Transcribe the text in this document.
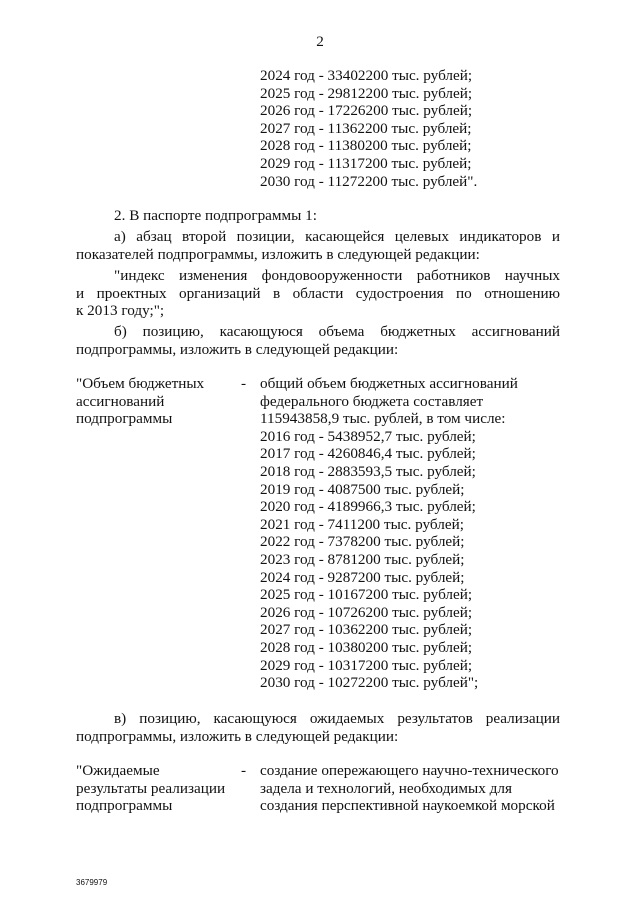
2
2024 год - 33402200 тыс. рублей;
2025 год - 29812200 тыс. рублей;
2026 год - 17226200 тыс. рублей;
2027 год - 11362200 тыс. рублей;
2028 год - 11380200 тыс. рублей;
2029 год - 11317200 тыс. рублей;
2030 год - 11272200 тыс. рублей".
2. В паспорте подпрограммы 1:
а) абзац второй позиции, касающейся целевых индикаторов и
показателей подпрограммы, изложить в следующей редакции:
"индекс изменения фондовооруженности работников научных
и проектных организаций в области судостроения по отношению
к 2013 году;";
б) позицию, касающуюся объема бюджетных ассигнований
подпрограммы, изложить в следующей редакции:
"Объем бюджетных
ассигнований
подпрограммы
- общий объем бюджетных ассигнований
федерального бюджета составляет
115943858,9 тыс. рублей, в том числе:
2016 год - 5438952,7 тыс. рублей;
2017 год - 4260846,4 тыс. рублей;
2018 год - 2883593,5 тыс. рублей;
2019 год - 4087500 тыс. рублей;
2020 год - 4189966,3 тыс. рублей;
2021 год - 7411200 тыс. рублей;
2022 год - 7378200 тыс. рублей;
2023 год - 8781200 тыс. рублей;
2024 год - 9287200 тыс. рублей;
2025 год - 10167200 тыс. рублей;
2026 год - 10726200 тыс. рублей;
2027 год - 10362200 тыс. рублей;
2028 год - 10380200 тыс. рублей;
2029 год - 10317200 тыс. рублей;
2030 год - 10272200 тыс. рублей";
в) позицию, касающуюся ожидаемых результатов реализации
подпрограммы, изложить в следующей редакции:
"Ожидаемые
результаты реализации
подпрограммы
- создание опережающего научно-технического
задела и технологий, необходимых для
создания перспективной наукоемкой морской
3679979
